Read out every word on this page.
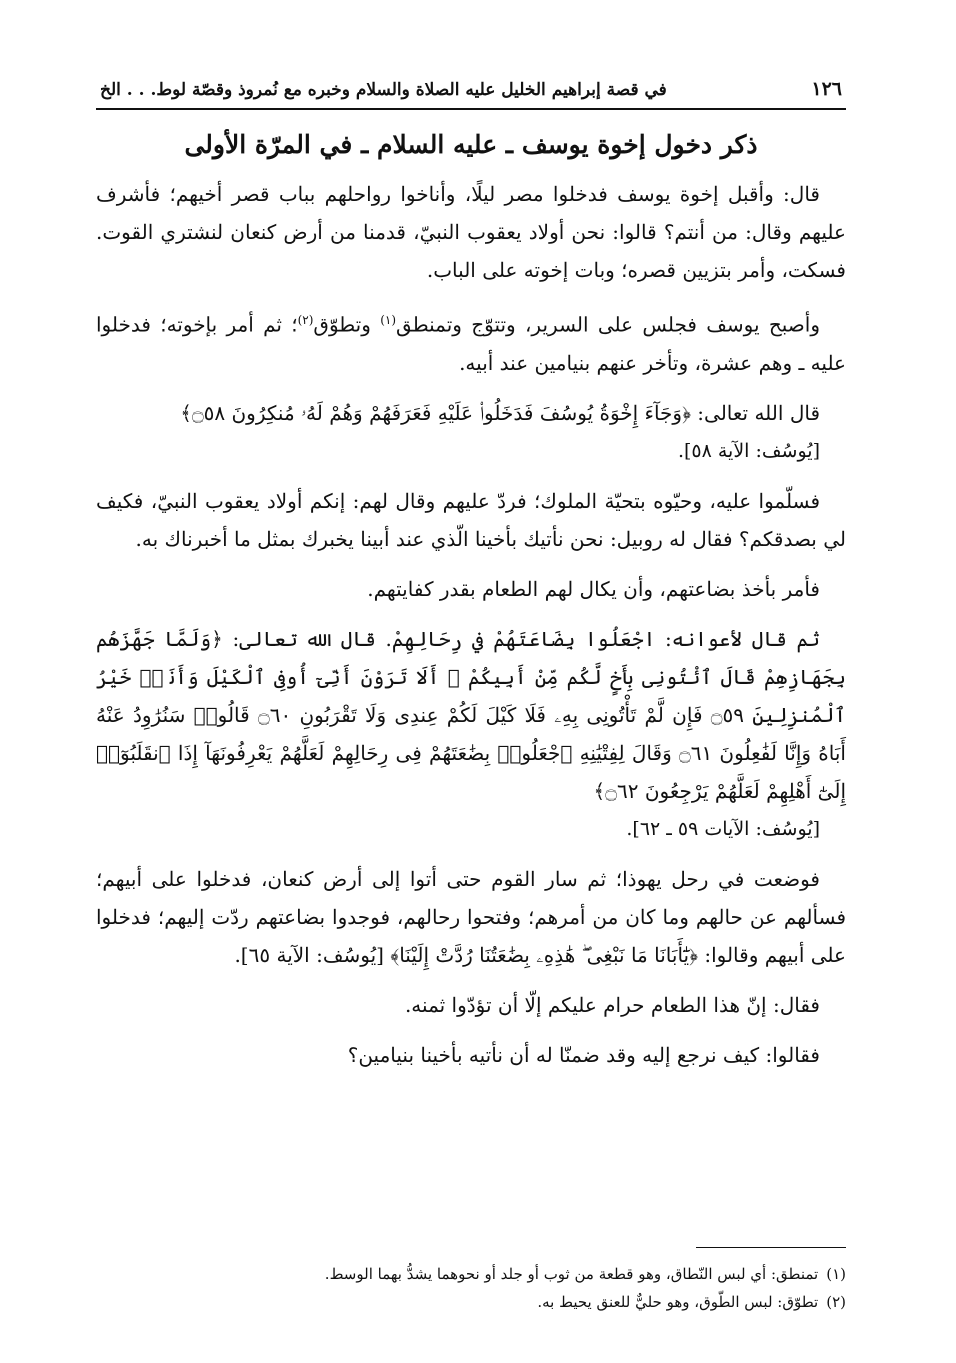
١٢٦
في قصة إبراهيم الخليل عليه الصلاة والسلام وخبره مع نُمروذ وقصّة لوط. . . الخ
ذكر دخول إخوة يوسف ـ عليه السلام ـ في المرّة الأولى

قال: وأقبل إخوة يوسف فدخلوا مصر ليلًا، وأناخوا رواحلهم بباب قصر أخيهم؛ فأشرف عليهم وقال: من أنتم؟ قالوا: نحن أولاد يعقوب النبيّ، قدمنا من أرض كنعان لنشتري القوت. فسكت، وأمر بتزيين قصره؛ وبات إخوته على الباب.

وأصبح يوسف فجلس على السرير، وتتوّج وتمنطق$^{(١)}$ وتطوّق$^{(٢)}$؛ ثم أمر بإخوته؛ فدخلوا عليه ـ وهم عشرة، وتأخر عنهم بنيامين عند أبيه.

قال الله تعالى: ﴿وَجَآءَ إِخْوَةُ يُوسُفَ فَدَخَلُوا۟ عَلَيْهِ فَعَرَفَهُمْ وَهُمْ لَهُۥ مُنكِرُونَ ۝٥٨﴾
[يُوسُف: الآية ٥٨].

فسلّموا عليه، وحيّوه بتحيّة الملوك؛ فردّ عليهم وقال لهم: إنكم أولاد يعقوب النبيّ، فكيف لي بصدقكم؟ فقال له روبيل: نحن نأتيك بأخينا الّذي عند أبينا يخبرك بمثل ما أخبرناك به.

فأمر بأخذ بضاعتهم، وأن يكال لهم الطعام بقدر كفايتهم.

ثم قال لأعوانه: اجْعَلُوا بِضَاعَتَهُمْ في رِحَالِهِمْ. قال الله تعالى: ﴿وَلَمَّا جَهَّزَهُم بِجَهَازِهِمْ قَالَ ٱئْتُونِى بِأَخٍ لَّكُم مِّنْ أَبِيكُمْ ۚ أَلَا تَرَوْنَ أَنِّىٓ أُوفِى ٱلْكَيْلَ وَأَنَا۠ خَيْرُ ٱلْمُنزِلِينَ ۝٥٩ فَإِن لَّمْ تَأْتُونِى بِهِۦ فَلَا كَيْلَ لَكُمْ عِندِى وَلَا تَقْرَبُونِ ۝٦٠ قَالُوا۟ سَنُرَٰوِدُ عَنْهُ أَبَاهُ وَإِنَّا لَفَٰعِلُونَ ۝٦١ وَقَالَ لِفِتْيَٰنِهِ ٱجْعَلُوا۟ بِضَٰعَتَهُمْ فِى رِحَالِهِمْ لَعَلَّهُمْ يَعْرِفُونَهَآ إِذَا ٱنقَلَبُوٓا۟ إِلَىٰٓ أَهْلِهِمْ لَعَلَّهُمْ يَرْجِعُونَ ۝٦٢﴾
[يُوسُف: الآيات ٥٩ ـ ٦٢].

فوضعت في رحل يهوذا؛ ثم سار القوم حتى أتوا إلى أرض كنعان، فدخلوا على أبيهم؛ فسألهم عن حالهم وما كان من أمرهم؛ وفتحوا رحالهم، فوجدوا بضاعتهم ردّت إليهم؛ فدخلوا على أبيهم وقالوا: ﴿يَٰٓأَبَانَا مَا نَبْغِى ۖ هَٰذِهِۦ بِضَٰعَتُنَا رُدَّتْ إِلَيْنَا﴾ [يُوسُف: الآية ٦٥].

فقال: إنّ هذا الطعام حرام عليكم إلّا أن تؤدّوا ثمنه.

فقالوا: كيف نرجع إليه وقد ضمنّا له أن نأتيه بأخينا بنيامين؟

(١)
تمنطق: أي لبس النّطاق، وهو قطعة من ثوب أو جلد أو نحوهما يشدُّ بهما الوسط.
(٢)
تطوّق: لبس الطّوق، وهو حليٌّ للعنق يحيط به.
